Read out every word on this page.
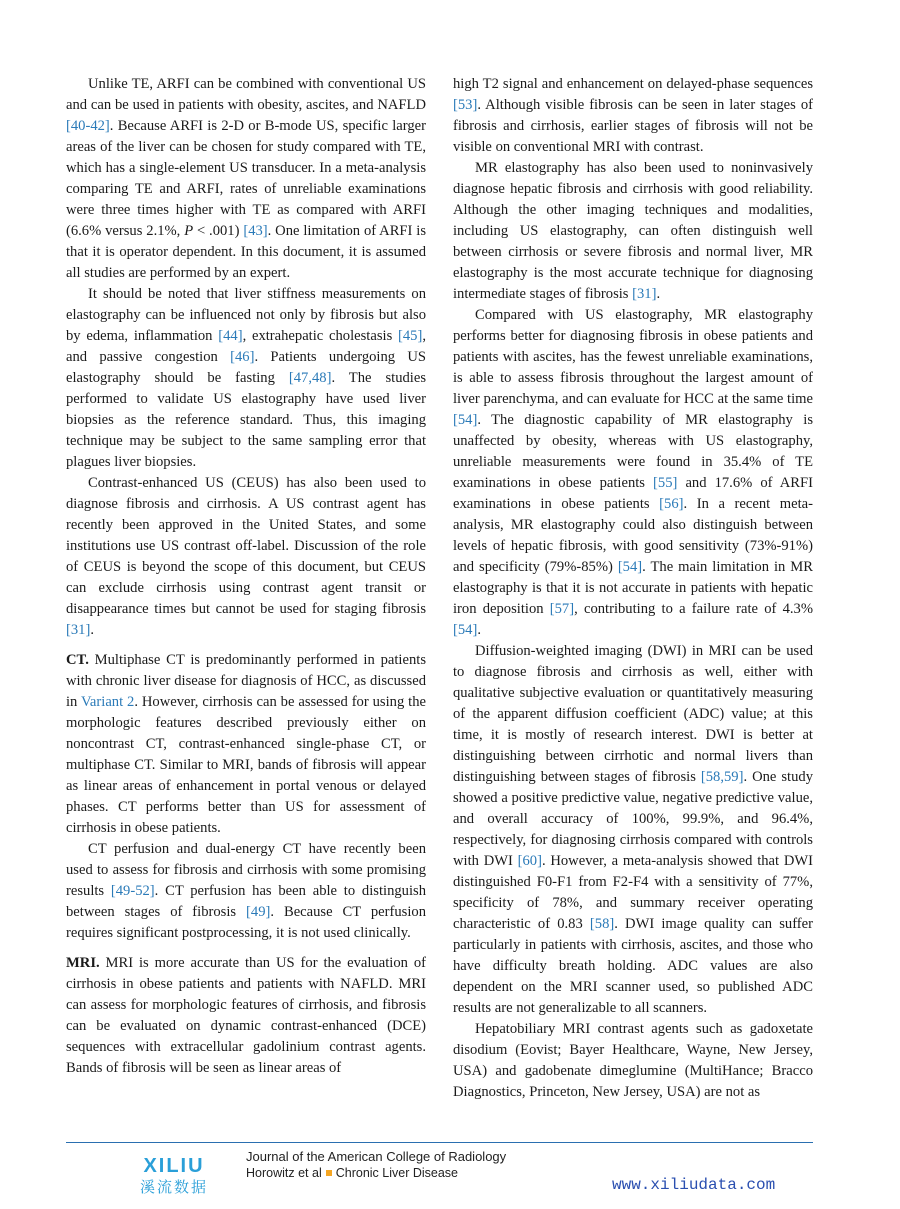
Unlike TE, ARFI can be combined with conventional US and can be used in patients with obesity, ascites, and NAFLD [40-42]. Because ARFI is 2-D or B-mode US, specific larger areas of the liver can be chosen for study compared with TE, which has a single-element US transducer. In a meta-analysis comparing TE and ARFI, rates of unreliable examinations were three times higher with TE as compared with ARFI (6.6% versus 2.1%, P < .001) [43]. One limitation of ARFI is that it is operator dependent. In this document, it is assumed all studies are performed by an expert.

It should be noted that liver stiffness measurements on elastography can be influenced not only by fibrosis but also by edema, inflammation [44], extrahepatic cholestasis [45], and passive congestion [46]. Patients undergoing US elastography should be fasting [47,48]. The studies performed to validate US elastography have used liver biopsies as the reference standard. Thus, this imaging technique may be subject to the same sampling error that plagues liver biopsies.

Contrast-enhanced US (CEUS) has also been used to diagnose fibrosis and cirrhosis. A US contrast agent has recently been approved in the United States, and some institutions use US contrast off-label. Discussion of the role of CEUS is beyond the scope of this document, but CEUS can exclude cirrhosis using contrast agent transit or disappearance times but cannot be used for staging fibrosis [31].

CT. Multiphase CT is predominantly performed in patients with chronic liver disease for diagnosis of HCC, as discussed in Variant 2. However, cirrhosis can be assessed for using the morphologic features described previously either on noncontrast CT, contrast-enhanced single-phase CT, or multiphase CT. Similar to MRI, bands of fibrosis will appear as linear areas of enhancement in portal venous or delayed phases. CT performs better than US for assessment of cirrhosis in obese patients.

CT perfusion and dual-energy CT have recently been used to assess for fibrosis and cirrhosis with some promising results [49-52]. CT perfusion has been able to distinguish between stages of fibrosis [49]. Because CT perfusion requires significant postprocessing, it is not used clinically.

MRI. MRI is more accurate than US for the evaluation of cirrhosis in obese patients and patients with NAFLD. MRI can assess for morphologic features of cirrhosis, and fibrosis can be evaluated on dynamic contrast-enhanced (DCE) sequences with extracellular gadolinium contrast agents. Bands of fibrosis will be seen as linear areas of

high T2 signal and enhancement on delayed-phase sequences [53]. Although visible fibrosis can be seen in later stages of fibrosis and cirrhosis, earlier stages of fibrosis will not be visible on conventional MRI with contrast.

MR elastography has also been used to noninvasively diagnose hepatic fibrosis and cirrhosis with good reliability. Although the other imaging techniques and modalities, including US elastography, can often distinguish well between cirrhosis or severe fibrosis and normal liver, MR elastography is the most accurate technique for diagnosing intermediate stages of fibrosis [31].

Compared with US elastography, MR elastography performs better for diagnosing fibrosis in obese patients and patients with ascites, has the fewest unreliable examinations, is able to assess fibrosis throughout the largest amount of liver parenchyma, and can evaluate for HCC at the same time [54]. The diagnostic capability of MR elastography is unaffected by obesity, whereas with US elastography, unreliable measurements were found in 35.4% of TE examinations in obese patients [55] and 17.6% of ARFI examinations in obese patients [56]. In a recent meta-analysis, MR elastography could also distinguish between levels of hepatic fibrosis, with good sensitivity (73%-91%) and specificity (79%-85%) [54]. The main limitation in MR elastography is that it is not accurate in patients with hepatic iron deposition [57], contributing to a failure rate of 4.3% [54].

Diffusion-weighted imaging (DWI) in MRI can be used to diagnose fibrosis and cirrhosis as well, either with qualitative subjective evaluation or quantitatively measuring of the apparent diffusion coefficient (ADC) value; at this time, it is mostly of research interest. DWI is better at distinguishing between cirrhotic and normal livers than distinguishing between stages of fibrosis [58,59]. One study showed a positive predictive value, negative predictive value, and overall accuracy of 100%, 99.9%, and 96.4%, respectively, for diagnosing cirrhosis compared with controls with DWI [60]. However, a meta-analysis showed that DWI distinguished F0-F1 from F2-F4 with a sensitivity of 77%, specificity of 78%, and summary receiver operating characteristic of 0.83 [58]. DWI image quality can suffer particularly in patients with cirrhosis, ascites, and those who have difficulty breath holding. ADC values are also dependent on the MRI scanner used, so published ADC results are not generalizable to all scanners.

Hepatobiliary MRI contrast agents such as gadoxetate disodium (Eovist; Bayer Healthcare, Wayne, New Jersey, USA) and gadobenate dimeglumine (MultiHance; Bracco Diagnostics, Princeton, New Jersey, USA) are not as

XILIU
溪流数据
Journal of the American College of Radiology
Horowitz et al Chronic Liver Disease
www.xiliudata.com
